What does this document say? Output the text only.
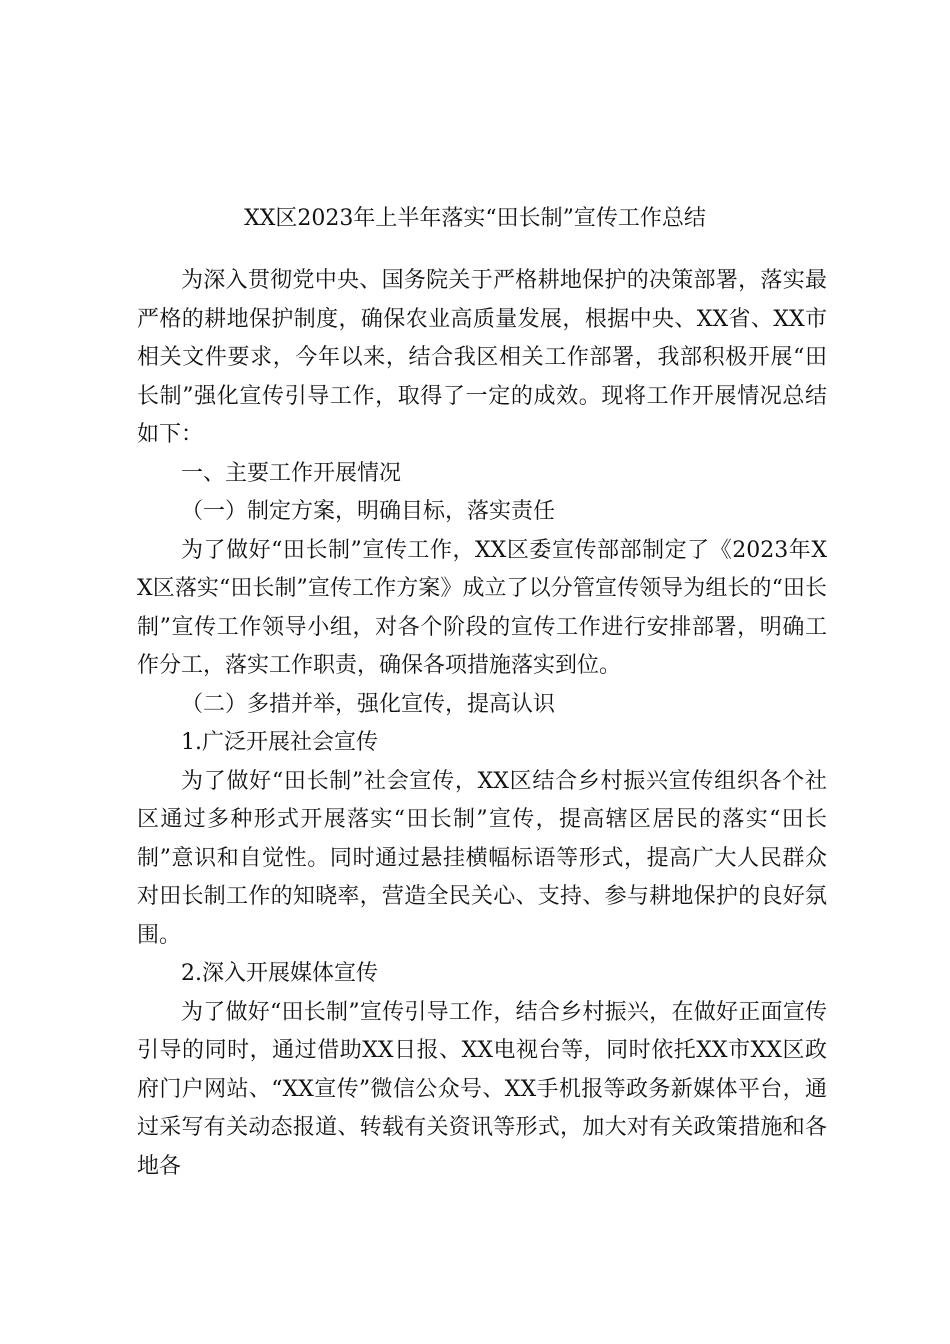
XX区2023年上半年落实“田长制”宣传工作总结

为深入贯彻党中央、国务院关于严格耕地保护的决策部署，落实最严格的耕地保护制度，确保农业高质量发展，根据中央、XX省、XX市相关文件要求，今年以来，结合我区相关工作部署，我部积极开展“田长制”强化宣传引导工作，取得了一定的成效。现将工作开展情况总结如下：

一、主要工作开展情况

（一）制定方案，明确目标，落实责任

为了做好“田长制”宣传工作，XX区委宣传部部制定了《2023年XX区落实“田长制”宣传工作方案》成立了以分管宣传领导为组长的“田长制”宣传工作领导小组，对各个阶段的宣传工作进行安排部署，明确工作分工，落实工作职责，确保各项措施落实到位。

（二）多措并举，强化宣传，提高认识

1.广泛开展社会宣传

为了做好“田长制”社会宣传，XX区结合乡村振兴宣传组织各个社区通过多种形式开展落实“田长制”宣传，提高辖区居民的落实“田长制”意识和自觉性。同时通过悬挂横幅标语等形式，提高广大人民群众对田长制工作的知晓率，营造全民关心、支持、参与耕地保护的良好氛围。

2.深入开展媒体宣传

为了做好“田长制”宣传引导工作，结合乡村振兴，在做好正面宣传引导的同时，通过借助XX日报、XX电视台等，同时依托XX市XX区政府门户网站、“XX宣传”微信公众号、XX手机报等政务新媒体平台，通过采写有关动态报道、转载有关资讯等形式，加大对有关政策措施和各地各
